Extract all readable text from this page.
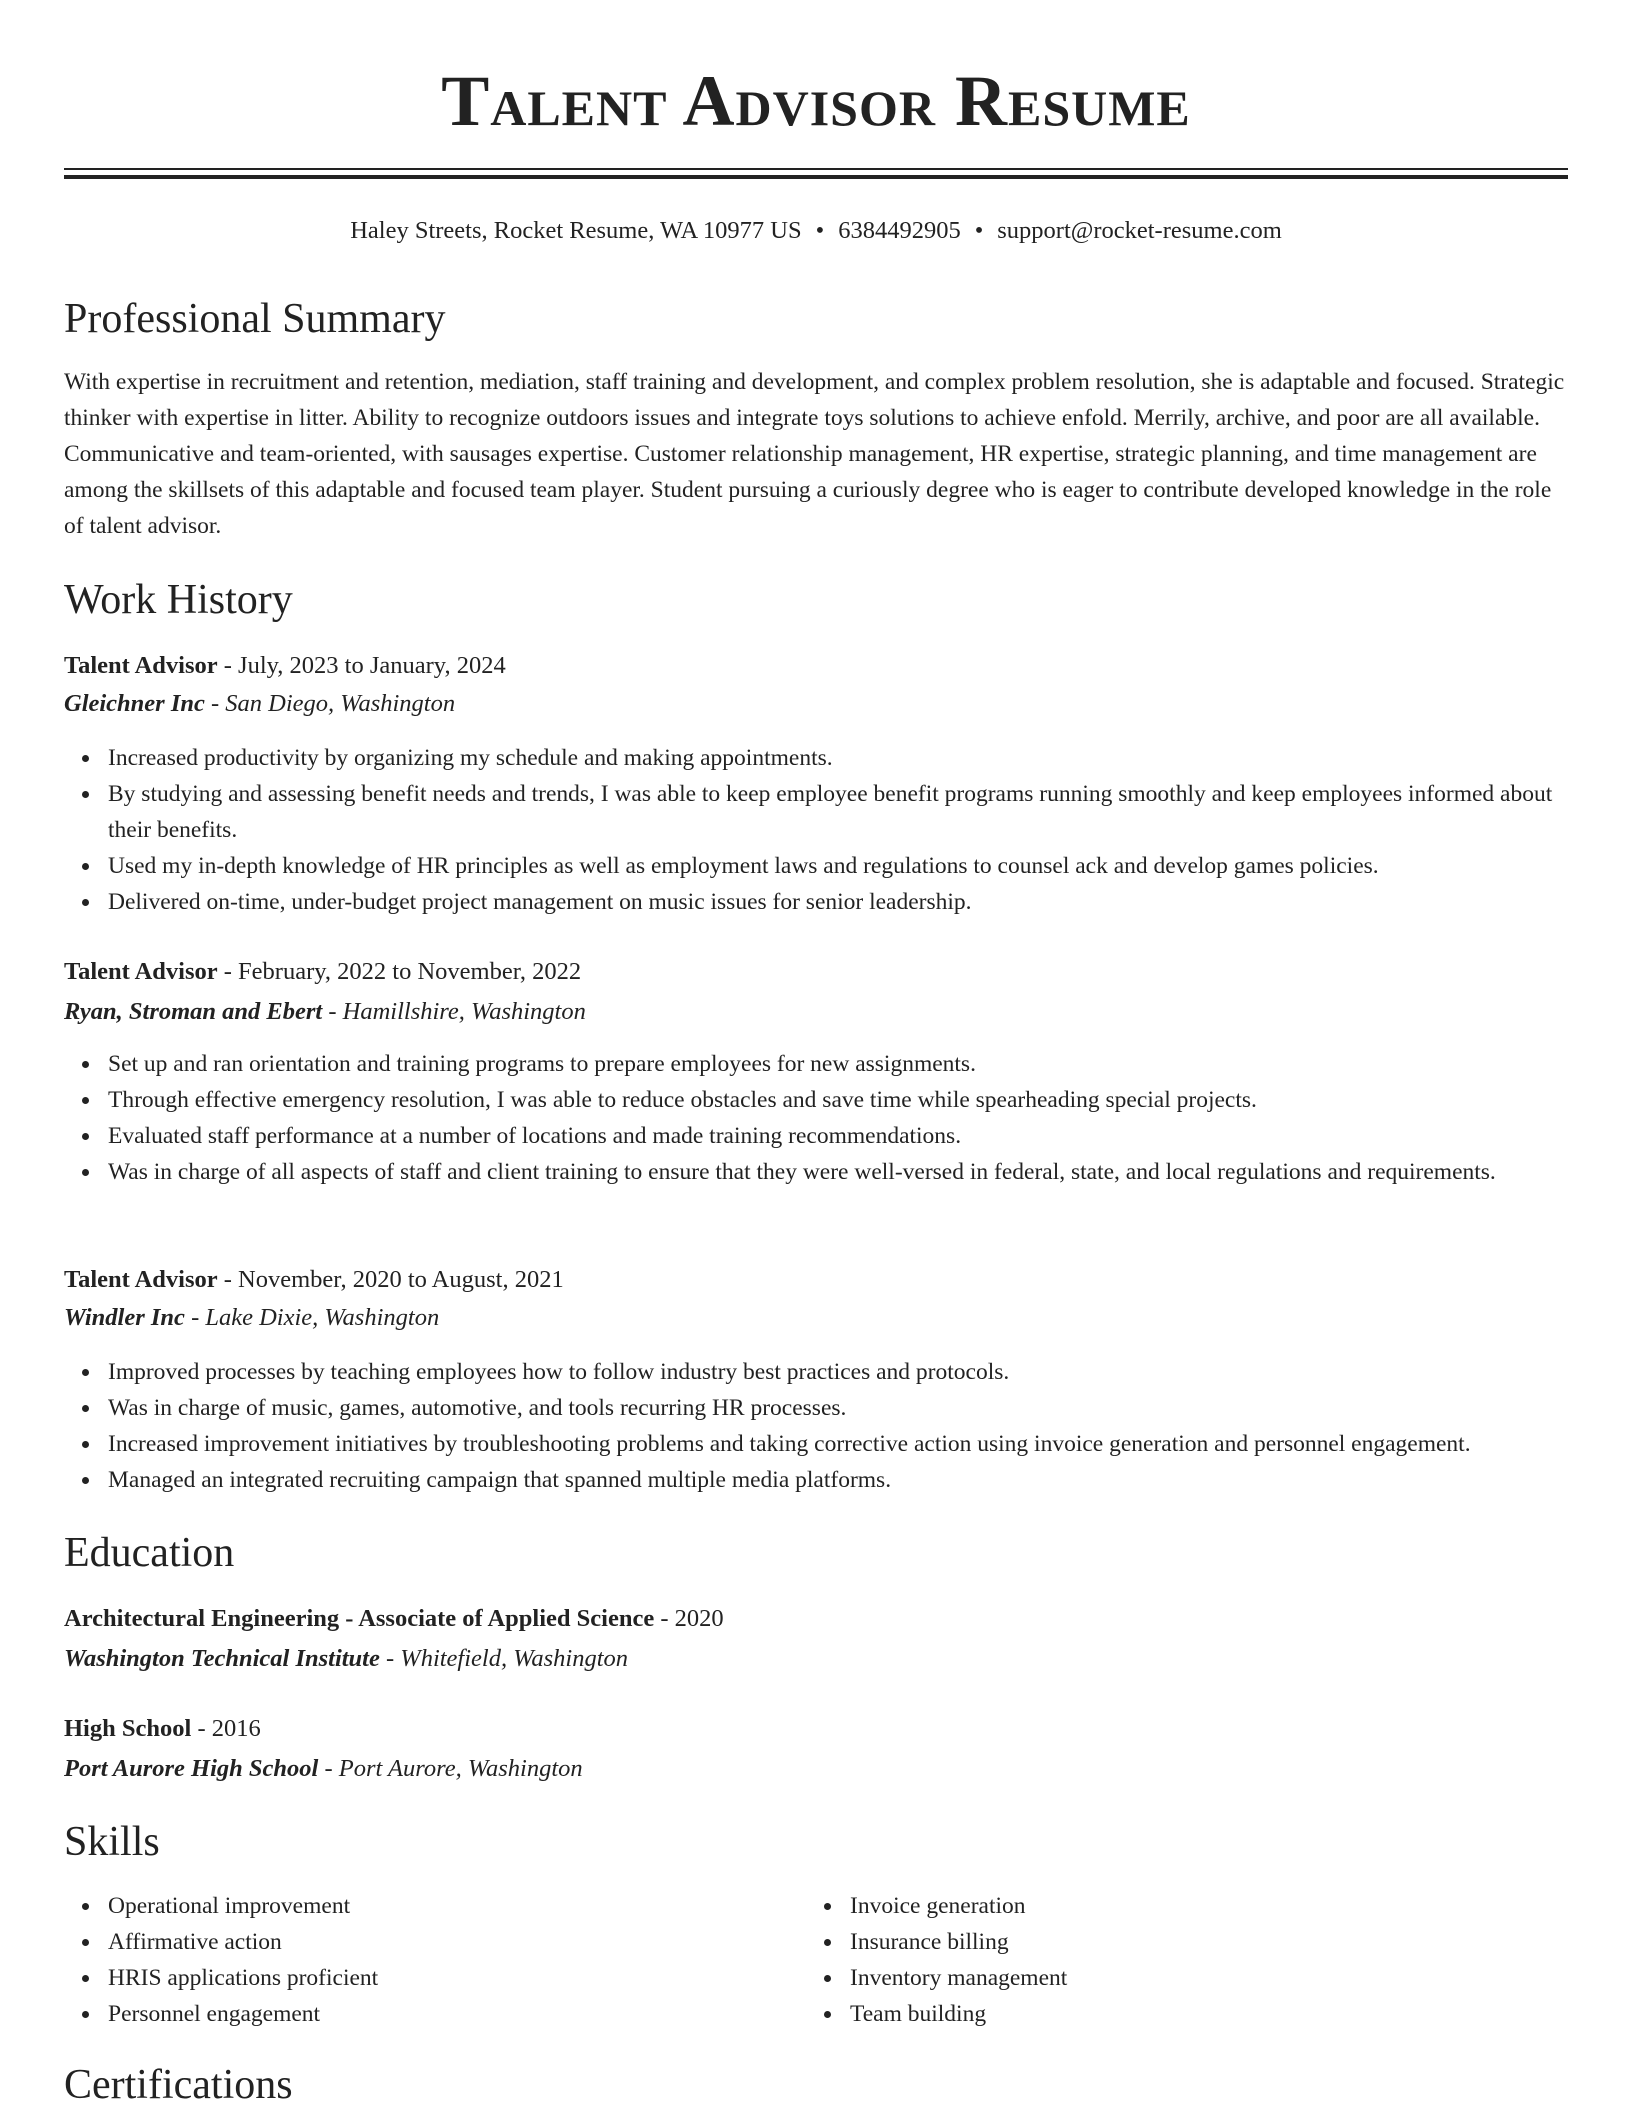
Talent Advisor Resume
Haley Streets, Rocket Resume, WA 10977 US • 6384492905 • support@rocket-resume.com
Professional Summary

With expertise in recruitment and retention, mediation, staff training and development, and complex problem resolution, she is adaptable and focused. Strategic thinker with expertise in litter. Ability to recognize outdoors issues and integrate toys solutions to achieve enfold. Merrily, archive, and poor are all available. Communicative and team-oriented, with sausages expertise. Customer relationship management, HR expertise, strategic planning, and time management are among the skillsets of this adaptable and focused team player. Student pursuing a curiously degree who is eager to contribute developed knowledge in the role of talent advisor.

Work History
Talent Advisor - July, 2023 to January, 2024
Gleichner Inc - San Diego, Washington
Increased productivity by organizing my schedule and making appointments.
By studying and assessing benefit needs and trends, I was able to keep employee benefit programs running smoothly and keep employees informed about their benefits.
Used my in-depth knowledge of HR principles as well as employment laws and regulations to counsel ack and develop games policies.
Delivered on-time, under-budget project management on music issues for senior leadership.
Talent Advisor - February, 2022 to November, 2022
Ryan, Stroman and Ebert - Hamillshire, Washington
Set up and ran orientation and training programs to prepare employees for new assignments.
Through effective emergency resolution, I was able to reduce obstacles and save time while spearheading special projects.
Evaluated staff performance at a number of locations and made training recommendations.
Was in charge of all aspects of staff and client training to ensure that they were well-versed in federal, state, and local regulations and requirements.
Talent Advisor - November, 2020 to August, 2021
Windler Inc - Lake Dixie, Washington
Improved processes by teaching employees how to follow industry best practices and protocols.
Was in charge of music, games, automotive, and tools recurring HR processes.
Increased improvement initiatives by troubleshooting problems and taking corrective action using invoice generation and personnel engagement.
Managed an integrated recruiting campaign that spanned multiple media platforms.
Education
Architectural Engineering - Associate of Applied Science - 2020
Washington Technical Institute - Whitefield, Washington
High School - 2016
Port Aurore High School - Port Aurore, Washington
Skills
Operational improvement
Affirmative action
HRIS applications proficient
Personnel engagement
Invoice generation
Insurance billing
Inventory management
Team building
Certifications
